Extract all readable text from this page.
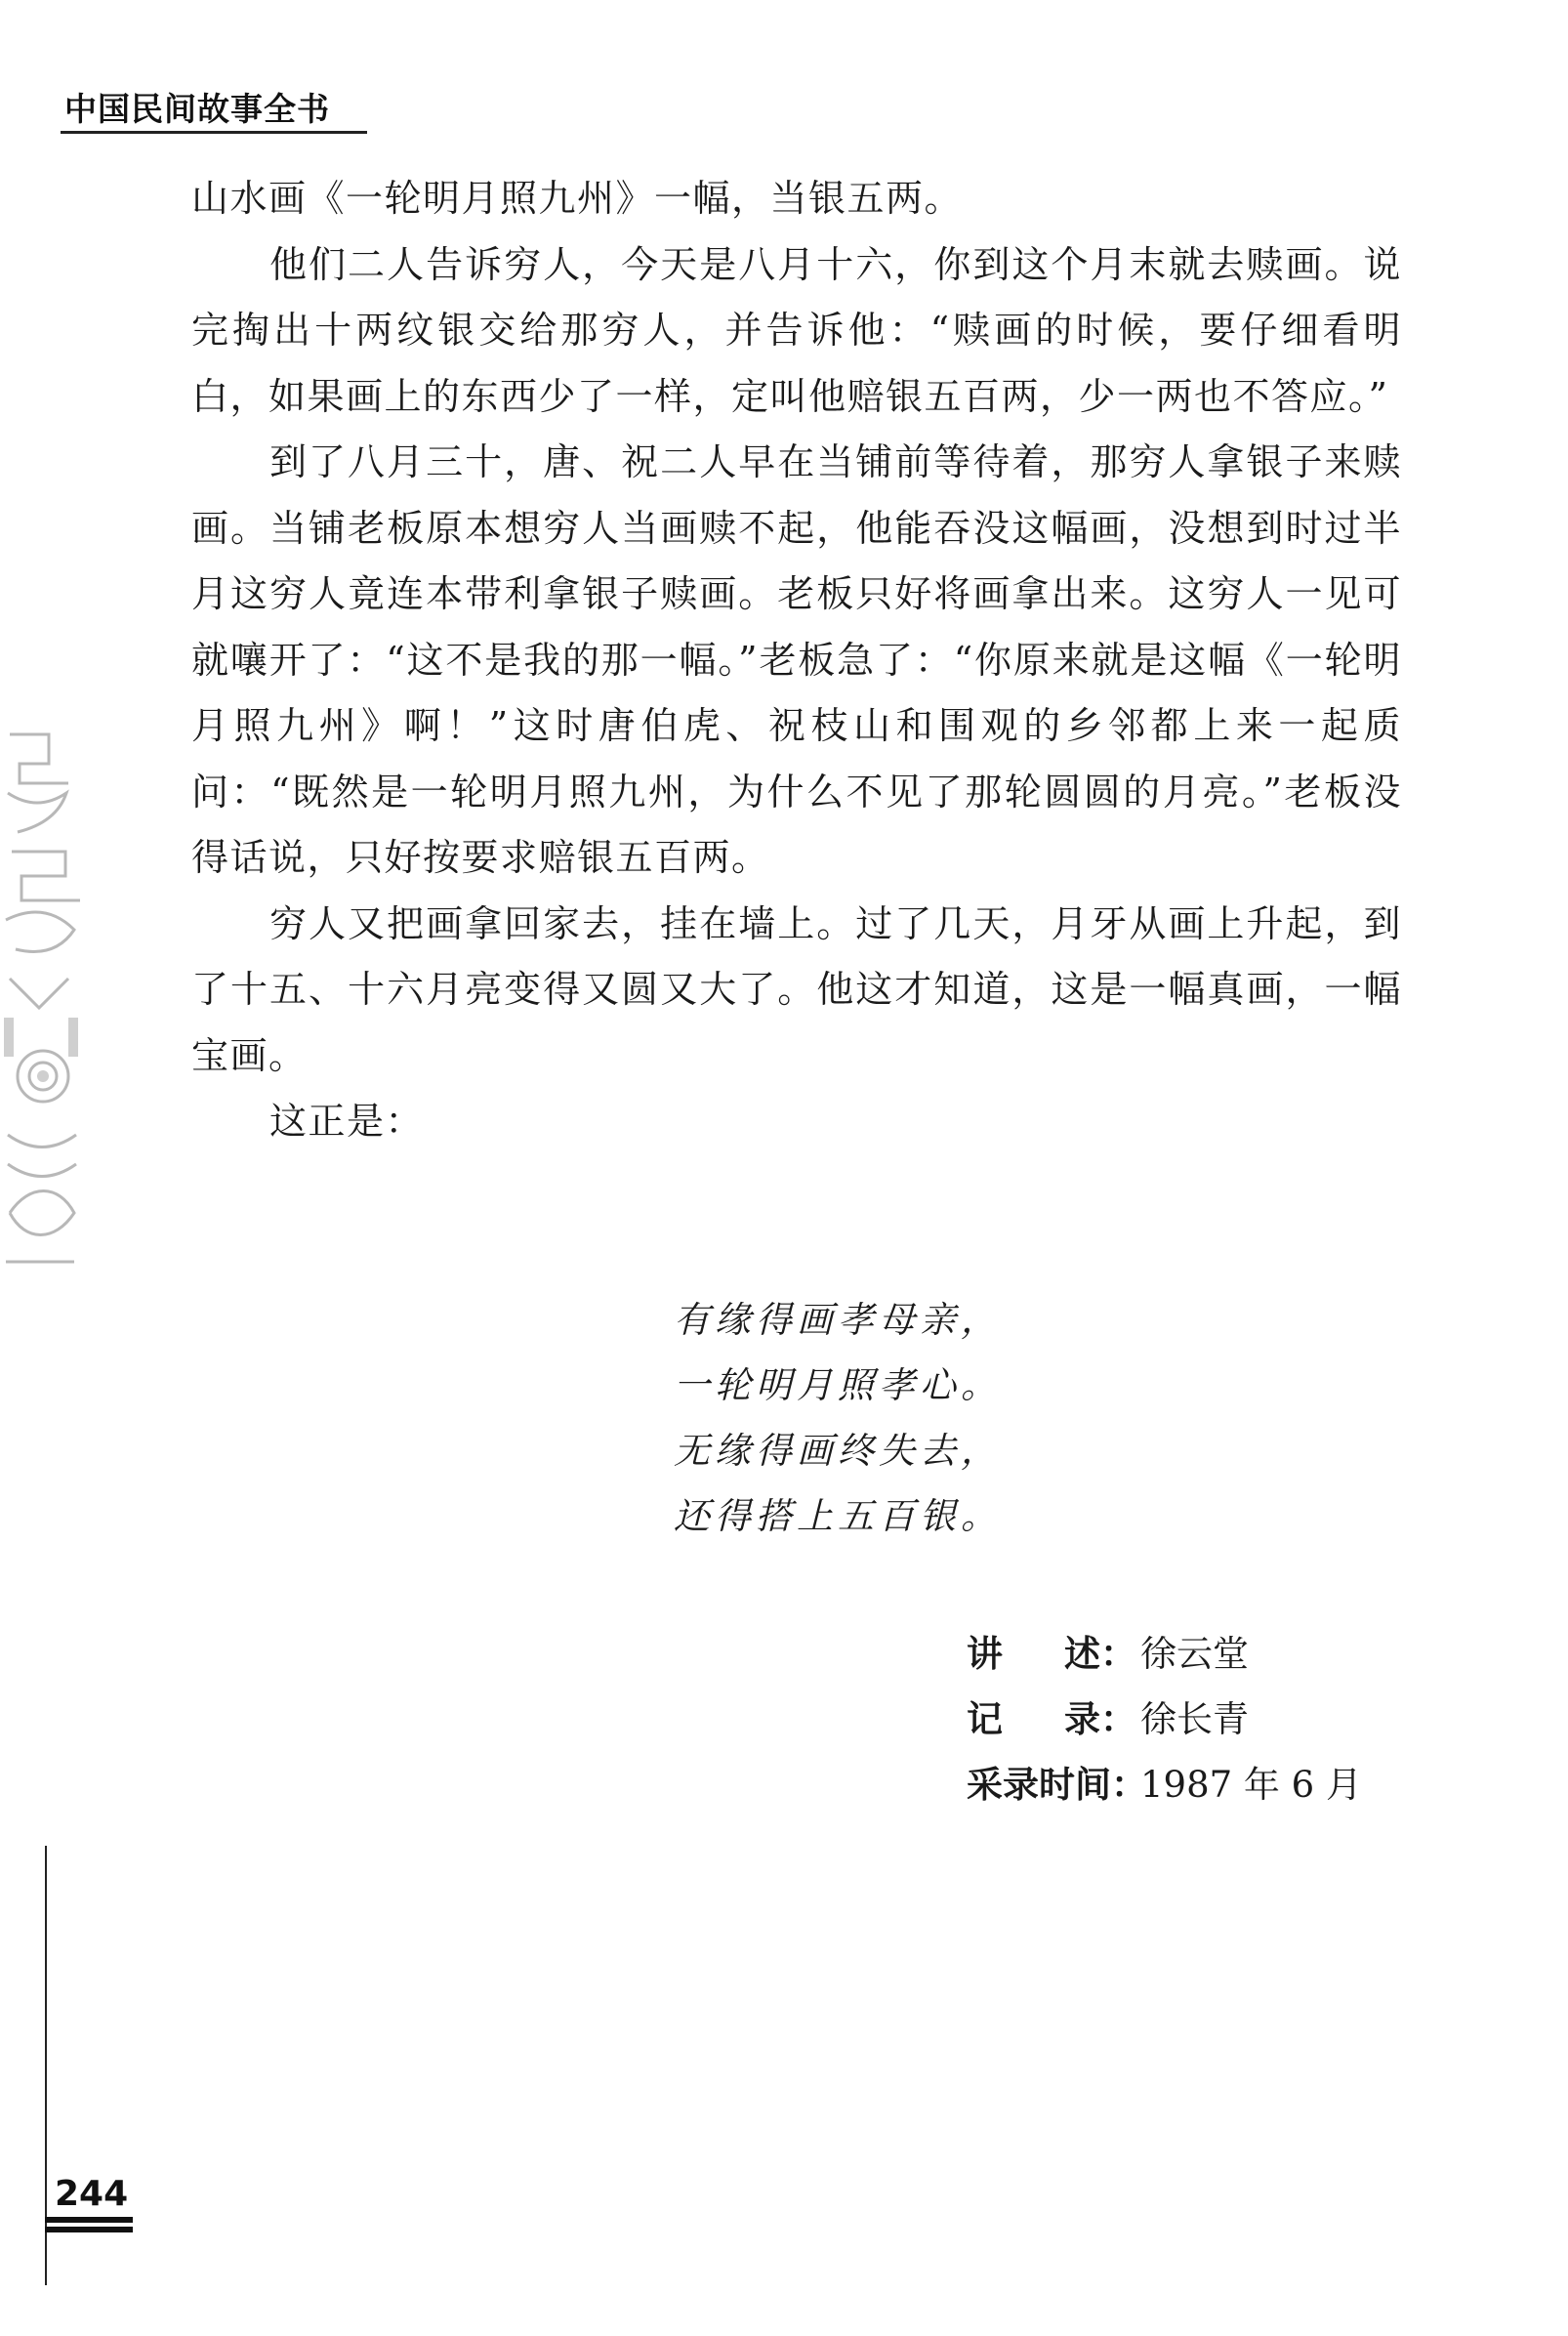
中国民间故事全书

山水画《一轮明月照九州》一幅，当银五两。

他们二人告诉穷人，今天是八月十六，你到这个月末就去赎画。说完掏出十两纹银交给那穷人，并告诉他：“赎画的时候，要仔细看明白，如果画上的东西少了一样，定叫他赔银五百两，少一两也不答应。”

到了八月三十，唐、祝二人早在当铺前等待着，那穷人拿银子来赎画。当铺老板原本想穷人当画赎不起，他能吞没这幅画，没想到时过半月这穷人竟连本带利拿银子赎画。老板只好将画拿出来。这穷人一见可就嚷开了：“这不是我的那一幅。”老板急了：“你原来就是这幅《一轮明月照九州》啊！”这时唐伯虎、祝枝山和围观的乡邻都上来一起质问：“既然是一轮明月照九州，为什么不见了那轮圆圆的月亮。”老板没得话说，只好按要求赔银五百两。

穷人又把画拿回家去，挂在墙上。过了几天，月牙从画上升起，到了十五、十六月亮变得又圆又大了。他这才知道，这是一幅真画，一幅宝画。

这正是：

有缘得画孝母亲，
一轮明月照孝心。
无缘得画终失去，
还得搭上五百银。
讲 述： 徐云堂
记 录： 徐长青
采录时间：
1987 年 6 月
244
